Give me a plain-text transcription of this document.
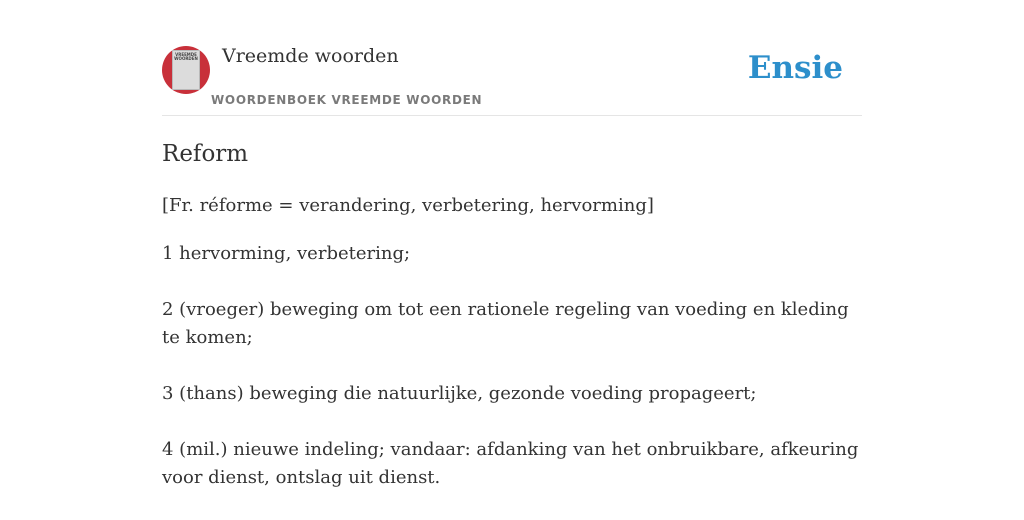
VREEMDE WOORDEN Vreemde woorden
WOORDENBOEK VREEMDE WOORDEN
Ensie
Reform
[Fr. réforme = verandering, verbetering, hervorming]

1 hervorming, verbetering;

2 (vroeger) beweging om tot een rationele regeling van voeding en kleding te komen;

3 (thans) beweging die natuurlijke, gezonde voeding propageert;

4 (mil.) nieuwe indeling; vandaar: afdanking van het onbruikbare, afkeuring voor dienst, ontslag uit dienst.
